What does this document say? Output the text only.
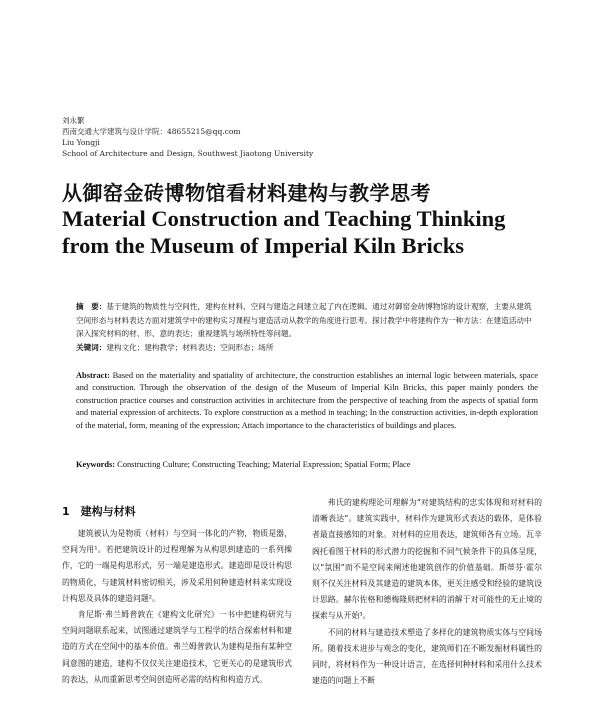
刘永繁
西南交通大学建筑与设计学院：48655215@qq.com
Liu Yongji
School of Architecture and Design, Southwest Jiaotong University
从御窑金砖博物馆看材料建构与教学思考
Material Construction and Teaching Thinking from the Museum of Imperial Kiln Bricks
摘　要：基于建筑的物质性与空间性，建构在材料、空间与建造之间建立起了内在逻辑。通过对御窑金砖博物馆的设计观察，主要从建筑空间形态与材料表达方面对建筑学中的建构实习课程与建造活动从教学的角度进行思考。探讨教学中将建构作为一种方法：在建造活动中深入探究材料的材、形、意的表达；重视建筑与场所特性等问题。
关键词：建构文化；建构教学；材料表达；空间形态；场所
Abstract: Based on the materiality and spatiality of architecture, the construction establishes an internal logic between materials, space and construction. Through the observation of the design of the Museum of Imperial Kiln Bricks, this paper mainly ponders the construction practice courses and construction activities in architecture from the perspective of teaching from the aspects of spatial form and material expression of architects. To explore construction as a method in teaching; In the construction activities, in-depth exploration of the material, form, meaning of the expression; Attach importance to the characteristics of buildings and places.
Keywords: Constructing Culture; Constructing Teaching; Material Expression; Spatial Form; Place
1　建构与材料

建筑被认为是物质（材料）与空间一体化的产物，物质是器，空间为用¹。若把建筑设计的过程理解为从构思到建造的一系列操作，它的一端是构思形式，另一端是建造形式。建造即是设计构思的物质化，与建筑材料密切相关，涉及采用何种建造材料来实现设计构思及具体的建造问题²。

肯尼斯·弗兰姆普敦在《建构文化研究》一书中把建构研究与空间问题联系起来，试图通过建筑学与工程学的结合探索材料和建造的方式在空间中的基本价值。弗兰姆普敦认为建构是指有某种空间意图的建造，建构不仅仅关注建造技术，它更关心的是建筑形式的表达，从而重新思考空间创造所必需的结构和构造方式。

弗氏的建构理论可理解为“对建筑结构的忠实体现和对材料的清晰表达”。建筑实践中，材料作为建筑形式表达的载体，是体验者最直接感知的对象。对材料的应用表达，建筑师各有立场。瓦辛阁托看图于材料的形式潜力的挖掘和不同气候条件下的具体呈现，以“氛围”而不是空间来阐述他建筑创作的价值基础。斯蒂芬·霍尔则不仅关注材料及其建造的建筑本体，更关注感受和经验的建筑设计思路。赫尔佐格和德梅隆则把材料的消解于对可能性的无止境的探索与从开始³。

不同的材料与建造技术塑造了多样化的建筑物质实体与空间场所。随着技术进步与观念的变化，建筑师们在不断发掘材料属性的同时，将材料作为一种设计语言，在选择何种材料和采用什么技术建造的问题上不断
